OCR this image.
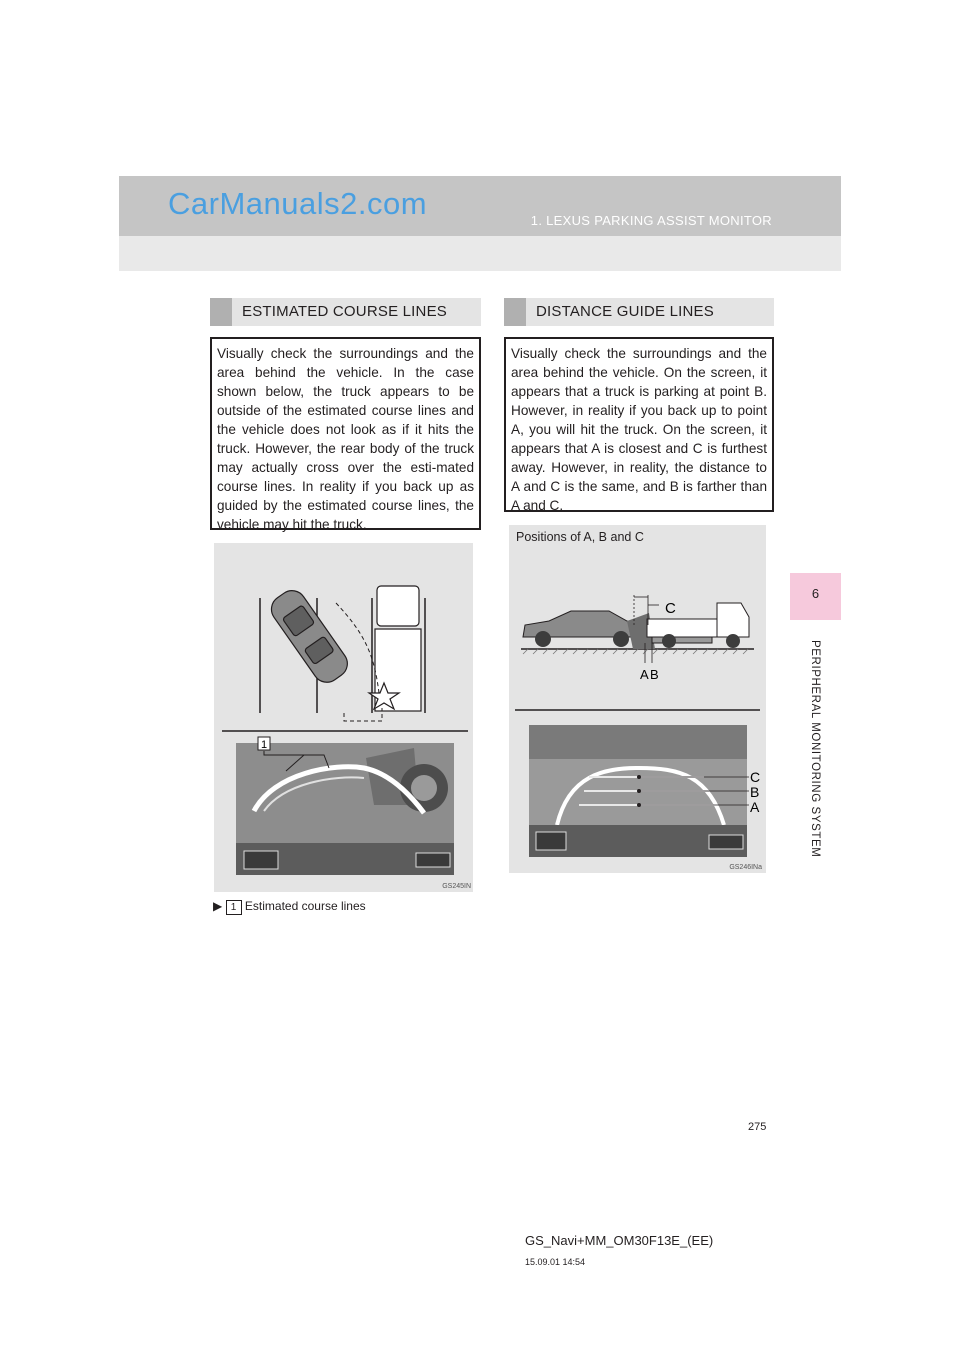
CarManuals2.com	1. LEXUS PARKING ASSIST MONITOR
6
PERIPHERAL MONITORING SYSTEM
ESTIMATED COURSE LINES
Visually check the surroundings and the area behind the vehicle. In the case shown below, the truck appears to be outside of the estimated course lines and the vehicle does not look as if it hits the truck. However, the rear body of the truck may actually cross over the esti-mated course lines. In reality if you back up as guided by the estimated course lines, the vehicle may hit the truck.
1
GS245IN
▶ 1 Estimated course lines
DISTANCE GUIDE LINES
Visually check the surroundings and the area behind the vehicle. On the screen, it appears that a truck is parking at point B. However, in reality if you back up to point A, you will hit the truck. On the screen, it appears that A is closest and C is furthest away. However, in reality, the distance to A and C is the same, and B is farther than A and C.
Positions of A, B and C
C
A B
C
B
A
GS246INa
275
GS_Navi+MM_OM30F13E_(EE)
15.09.01 14:54
